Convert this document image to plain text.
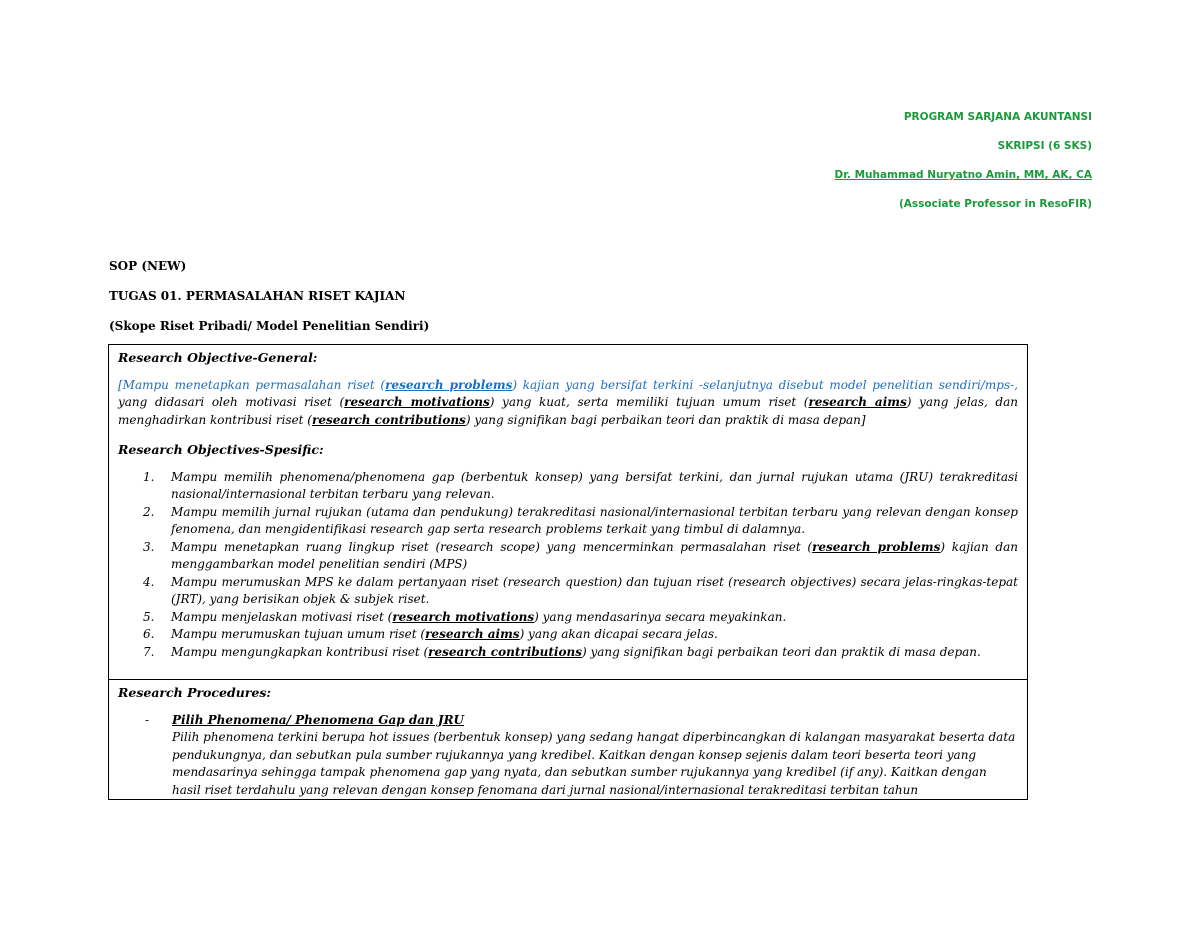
PROGRAM SARJANA AKUNTANSI
SKRIPSI (6 SKS)
Dr. Muhammad Nuryatno Amin, MM, AK, CA
(Associate Professor in ResoFIR)
SOP (NEW)
TUGAS 01. PERMASALAHAN RISET KAJIAN
(Skope Riset Pribadi/ Model Penelitian Sendiri)
Research Objective-General:
[Mampu menetapkan permasalahan riset (research problems) kajian yang bersifat terkini -selanjutnya disebut model penelitian sendiri/mps-, yang didasari oleh motivasi riset (research motivations) yang kuat, serta memiliki tujuan umum riset (research aims) yang jelas, dan menghadirkan kontribusi riset (research contributions) yang signifikan bagi perbaikan teori dan praktik di masa depan]
Research Objectives-Spesific:
1. Mampu memilih phenomena/phenomena gap (berbentuk konsep) yang bersifat terkini, dan jurnal rujukan utama (JRU) terakreditasi nasional/internasional terbitan terbaru yang relevan.
2. Mampu memilih jurnal rujukan (utama dan pendukung) terakreditasi nasional/internasional terbitan terbaru yang relevan dengan konsep fenomena, dan mengidentifikasi research gap serta research problems terkait yang timbul di dalamnya.
3. Mampu menetapkan ruang lingkup riset (research scope) yang mencerminkan permasalahan riset (research problems) kajian dan menggambarkan model penelitian sendiri (MPS)
4. Mampu merumuskan MPS ke dalam pertanyaan riset (research question) dan tujuan riset (research objectives) secara jelas-ringkas-tepat (JRT), yang berisikan objek & subjek riset.
5. Mampu menjelaskan motivasi riset (research motivations) yang mendasarinya secara meyakinkan.
6. Mampu merumuskan tujuan umum riset (research aims) yang akan dicapai secara jelas.
7. Mampu mengungkapkan kontribusi riset (research contributions) yang signifikan bagi perbaikan teori dan praktik di masa depan.
Research Procedures:
- Pilih Phenomena/ Phenomena Gap dan JRU
Pilih phenomena terkini berupa hot issues (berbentuk konsep) yang sedang hangat diperbincangkan di kalangan masyarakat beserta data pendukungnya, dan sebutkan pula sumber rujukannya yang kredibel. Kaitkan dengan konsep sejenis dalam teori beserta teori yang mendasarinya sehingga tampak phenomena gap yang nyata, dan sebutkan sumber rujukannya yang kredibel (if any). Kaitkan dengan hasil riset terdahulu yang relevan dengan konsep fenomana dari jurnal nasional/internasional terakreditasi terbitan tahun
